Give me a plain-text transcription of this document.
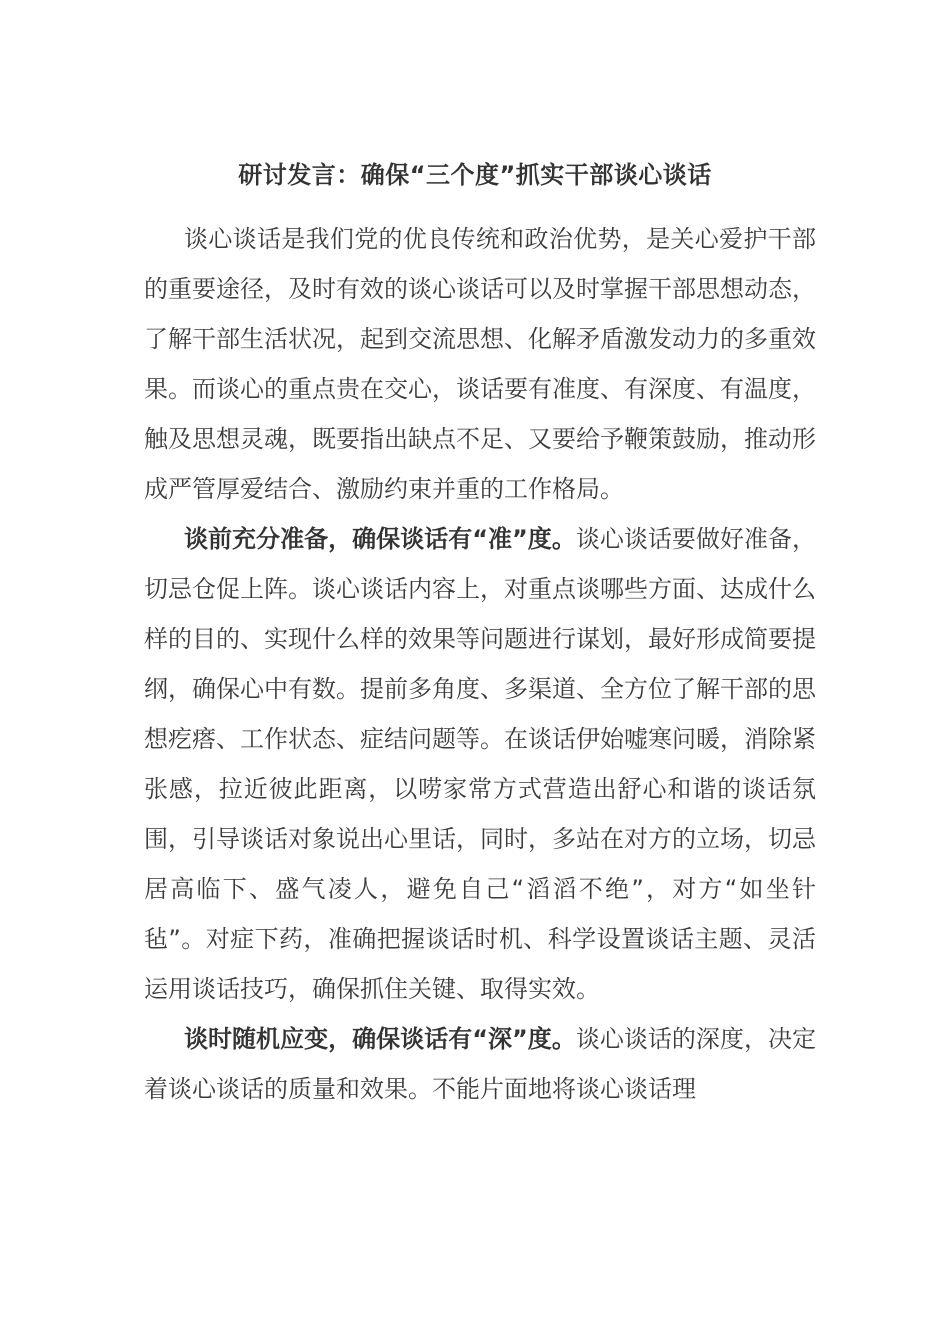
研讨发言：确保“三个度”抓实干部谈心谈话

谈心谈话是我们党的优良传统和政治优势，是关心爱护干部的重要途径，及时有效的谈心谈话可以及时掌握干部思想动态，了解干部生活状况，起到交流思想、化解矛盾激发动力的多重效果。而谈心的重点贵在交心，谈话要有准度、有深度、有温度，触及思想灵魂，既要指出缺点不足、又要给予鞭策鼓励，推动形成严管厚爱结合、激励约束并重的工作格局。

谈前充分准备，确保谈话有“准”度。谈心谈话要做好准备，切忌仓促上阵。谈心谈话内容上，对重点谈哪些方面、达成什么样的目的、实现什么样的效果等问题进行谋划，最好形成简要提纲，确保心中有数。提前多角度、多渠道、全方位了解干部的思想疙瘩、工作状态、症结问题等。在谈话伊始嘘寒问暖，消除紧张感，拉近彼此距离，以唠家常方式营造出舒心和谐的谈话氛围，引导谈话对象说出心里话，同时，多站在对方的立场，切忌居高临下、盛气凌人，避免自己“滔滔不绝”，对方“如坐针毡”。对症下药，准确把握谈话时机、科学设置谈话主题、灵活运用谈话技巧，确保抓住关键、取得实效。

谈时随机应变，确保谈话有“深”度。谈心谈话的深度，决定着谈心谈话的质量和效果。不能片面地将谈心谈话理
